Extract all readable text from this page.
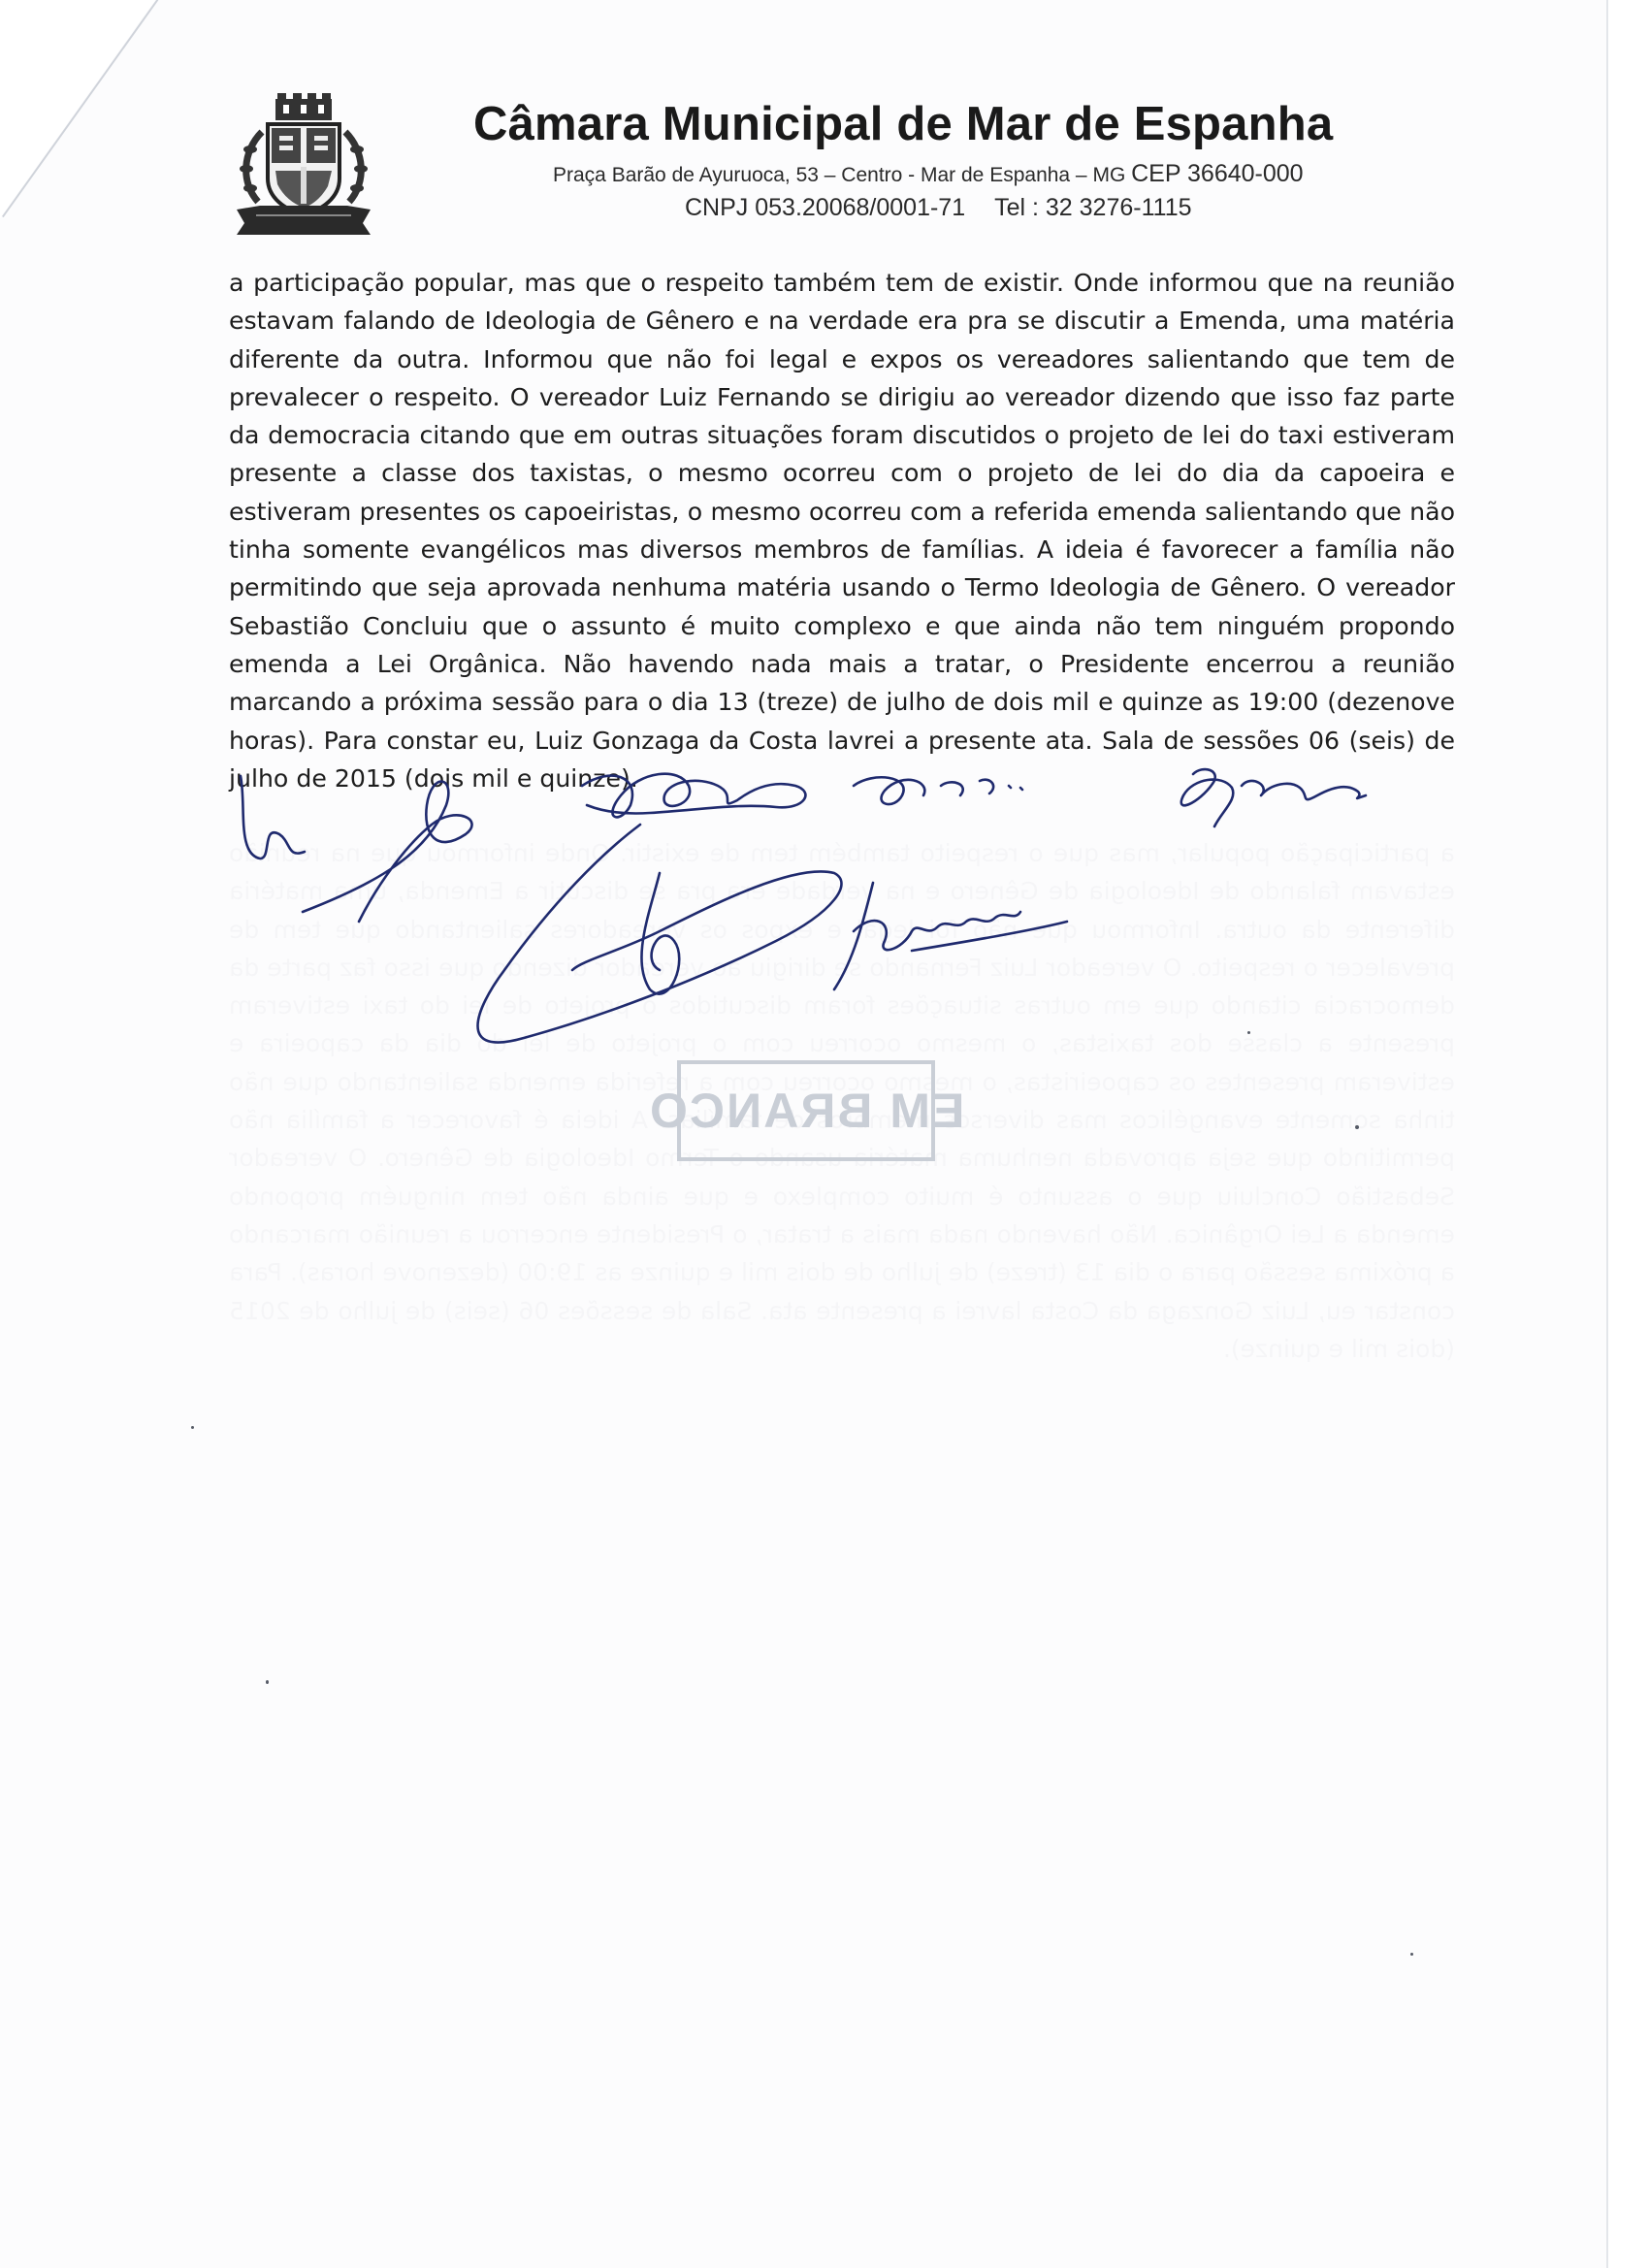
Câmara Municipal de Mar de Espanha
Praça Barão de Ayuruoca, 53 – Centro - Mar de Espanha – MG CEP 36640-000
CNPJ 053.20068/0001-71 Tel : 32 3276-1115

a participação popular, mas que o respeito também tem de existir. Onde informou que na reunião estavam falando de Ideologia de Gênero e na verdade era pra se discutir a Emenda, uma matéria diferente da outra. Informou que não foi legal e expos os vereadores salientando que tem de prevalecer o respeito. O vereador Luiz Fernando se dirigiu ao vereador dizendo que isso faz parte da democracia citando que em outras situações foram discutidos o projeto de lei do taxi estiveram presente a classe dos taxistas, o mesmo ocorreu com o projeto de lei do dia da capoeira e estiveram presentes os capoeiristas, o mesmo ocorreu com a referida emenda salientando que não tinha somente evangélicos mas diversos membros de famílias. A ideia é favorecer a família não permitindo que seja aprovada nenhuma matéria usando o Termo Ideologia de Gênero. O vereador Sebastião Concluiu que o assunto é muito complexo e que ainda não tem ninguém propondo emenda a Lei Orgânica. Não havendo nada mais a tratar, o Presidente encerrou a reunião marcando a próxima sessão para o dia 13 (treze) de julho de dois mil e quinze as 19:00 (dezenove horas). Para constar eu, Luiz Gonzaga da Costa lavrei a presente ata. Sala de sessões 06 (seis) de julho de 2015 (dois mil e quinze).

EM BRANCO
